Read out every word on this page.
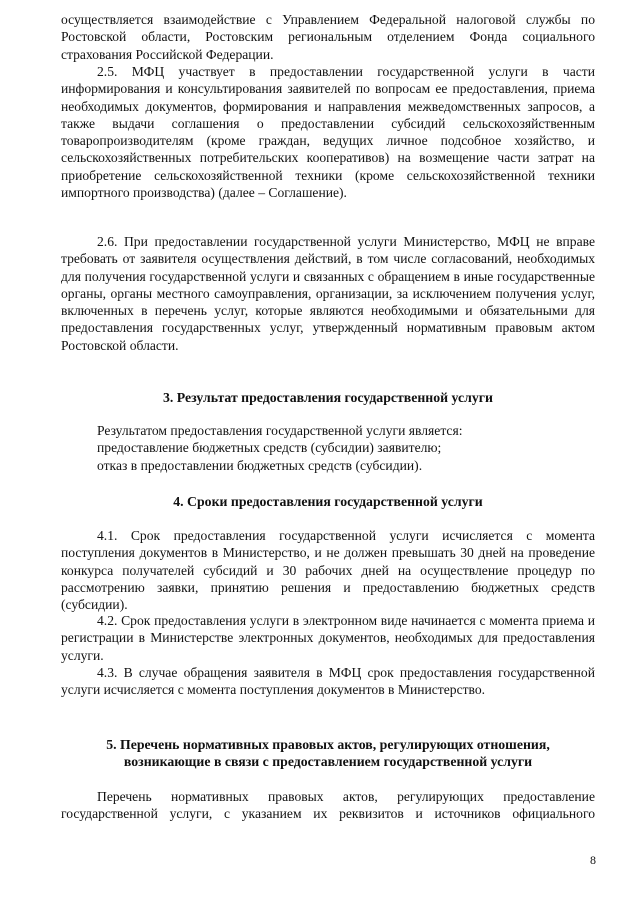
осуществляется взаимодействие с Управлением Федеральной налоговой службы по Ростовской области, Ростовским региональным отделением Фонда социального страхования Российской Федерации.

2.5. МФЦ участвует в предоставлении государственной услуги в части информирования и консультирования заявителей по вопросам ее предоставления, приема необходимых документов, формирования и направления межведомственных запросов, а также выдачи соглашения о предоставлении субсидий сельскохозяйственным товаропроизводителям (кроме граждан, ведущих личное подсобное хозяйство, и сельскохозяйственных потребительских кооперативов) на возмещение части затрат на приобретение сельскохозяйственной техники (кроме сельскохозяйственной техники импортного производства) (далее – Соглашение).

2.6. При предоставлении государственной услуги Министерство, МФЦ не вправе требовать от заявителя осуществления действий, в том числе согласований, необходимых для получения государственной услуги и связанных с обращением в иные государственные органы, органы местного самоуправления, организации, за исключением получения услуг, включенных в перечень услуг, которые являются необходимыми и обязательными для предоставления государственных услуг, утвержденный нормативным правовым актом Ростовской области.

3. Результат предоставления государственной услуги

Результатом предоставления государственной услуги является:

предоставление бюджетных средств (субсидии) заявителю;

отказ в предоставлении бюджетных средств (субсидии).

4. Сроки предоставления государственной услуги

4.1. Срок предоставления государственной услуги исчисляется с момента поступления документов в Министерство, и не должен превышать 30 дней на проведение конкурса получателей субсидий и 30 рабочих дней на осуществление процедур по рассмотрению заявки, принятию решения и предоставлению бюджетных средств (субсидии).

4.2. Срок предоставления услуги в электронном виде начинается с момента приема и регистрации в Министерстве электронных документов, необходимых для предоставления услуги.

4.3. В случае обращения заявителя в МФЦ срок предоставления государственной услуги исчисляется с момента поступления документов в Министерство.

5. Перечень нормативных правовых актов, регулирующих отношения,

возникающие в связи с предоставлением государственной услуги

Перечень нормативных правовых актов, регулирующих предоставление государственной услуги, с указанием их реквизитов и источников официального

8
